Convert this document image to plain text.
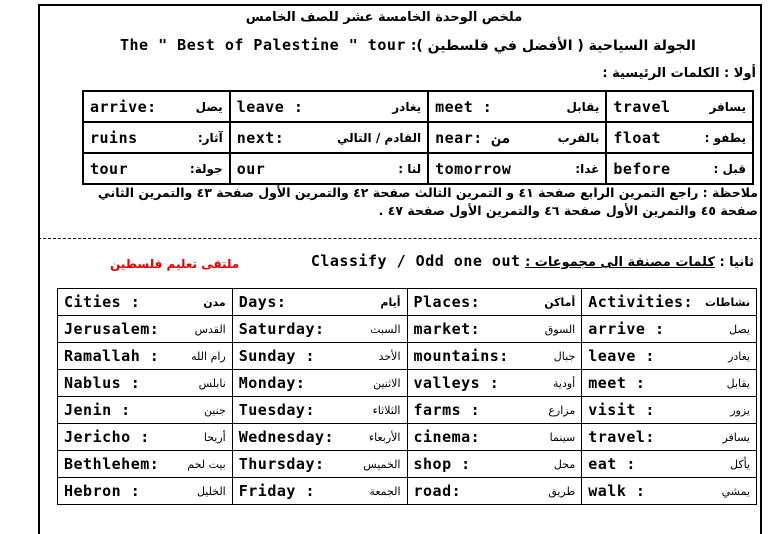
ملخص الوحدة الخامسة عشر للصف الخامس
The " Best of Palestine " tour الجولة السياحية ( الأفضل في فلسطين ):
أولا : الكلمات الرئيسية :
arrive: يصل	leave : يغادر	meet : يقابل	travel يسافر

ruins آثار:	next: القادم / التالي	near: من بالقرب	float يطفو :

tour جولة:	our لنا :	tomorrow غدا:	before قبل :
ملاحظة : راجع التمرين الرابع صفحة ٤١ و التمرين الثالث صفحة ٤٢ والتمرين الأول صفحة ٤٣ والتمرين الثاني
صفحة ٤٥ والتمرين الأول صفحة ٤٦ والتمرين الأول صفحة ٤٧ .
ثانيا : كلمات مصنفة الى مجموعات : Classify / Odd one out
ملتقى تعليم فلسطين
Cities : مدن	Days: أيام	Places: أماكن	Activities: نشاطات

Jerusalem: القدس	Saturday: السبت	market: السوق	arrive : يصل

Ramallah : رام الله	Sunday : الأحد	mountains: جبال	leave : يغادر

Nablus : نابلس	Monday: الاثنين	valleys : أودية	meet : يقابل

Jenin : جنين	Tuesday: الثلاثاء	farms : مزارع	visit : يزور

Jericho : أريحا	Wednesday: الأربعاء	cinema: سينما	travel: يسافر

Bethlehem: بيت لحم	Thursday: الخميس	shop : محل	eat : يأكل

Hebron : الخليل	Friday : الجمعة	road: طريق	walk : يمشي
